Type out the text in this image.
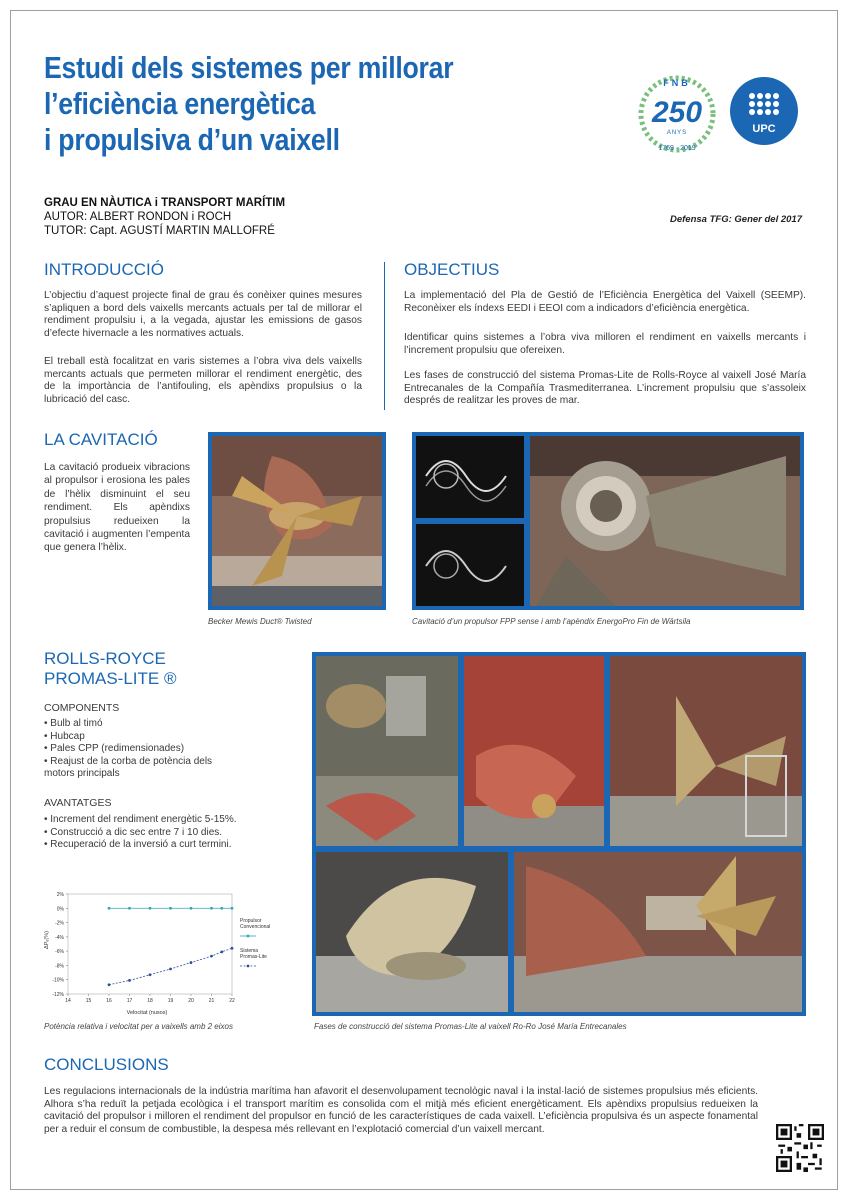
Estudi dels sistemes per millorar
l’eficiència energètica
i propulsiva d’un vaixell
GRAU EN NÀUTICA i TRANSPORT MARÍTIM
AUTOR: ALBERT RONDON i ROCH
TUTOR: Capt. AGUSTÍ MARTIN MALLOFRÉ
Defensa TFG: Gener del 2017
FNB
250
ANYS
1769 · 2019
UPC
INTRODUCCIÓ

L’objectiu d’aquest projecte final de grau és conèixer quines mesures s’apliquen a bord dels vaixells mercants actuals per tal de millorar el rendiment propulsiu i, a la vegada, ajustar les emissions de gasos d’efecte hivernacle a les normatives actuals.

El treball està focalitzat en varis sistemes a l’obra viva dels vaixells mercants actuals que permeten millorar el rendiment energètic, des de la importància de l’antifouling, els apèndixs propulsius o la lubricació del casc.

OBJECTIUS

La implementació del Pla de Gestió de l’Eficiència Energètica del Vaixell (SEEMP). Reconèixer els índexs EEDI i EEOI com a indicadors d’eficiència energètica.

Identificar quins sistemes a l’obra viva milloren el rendiment en vaixells mercants i l’increment propulsiu que ofereixen.

Les fases de construcció del sistema Promas-Lite de Rolls-Royce al vaixell José María Entrecanales de la Compañía Trasmediterranea. L’increment propulsiu que s’assoleix després de realitzar les proves de mar.

LA CAVITACIÓ

La cavitació produeix vibracions al propulsor i erosiona les pales de l’hèlix disminuint el seu rendiment. Els apèndixs propulsius redueixen la cavitació i augmenten l’empenta que genera l’hèlix.

Becker Mewis Duct® Twisted	Cavitació d’un propulsor FPP sense i amb l’apèndix EnergoPro Fin de Wärtsila
ROLLS-ROYCE
PROMAS-LITE ®

COMPONENTS

• Bulb al timó
• Hubcap
• Pales CPP (redimensionades)
• Reajust de la corba de potència dels motors principals

AVANTATGES

• Increment del rendiment energètic 5-15%.
• Construcció a dic sec entre 7 i 10 dies.
• Recuperació de la inversió a curt termini.
2%
0%
-2%
-4%
-6%
-8%
-10%
-12%
14	15	16	17	18	19	20	21	22
Propulsor
Convencional
Sistema
Promas-Lite
Velocitat (nusos)
ΔPₑ(%)
Potència relativa i velocitat per a vaixells amb 2 eixos	Fases de construcció del sistema Promas-Lite al vaixell Ro-Ro José María Entrecanales
CONCLUSIONS

Les regulacions internacionals de la indústria marítima han afavorit el desenvolupament tecnològic naval i la instal·lació de sistemes propulsius més eficients. Alhora s’ha reduït la petjada ecològica i el transport marítim es consolida com el mitjà més eficient energèticament. Els apèndixs propulsius redueixen la cavitació del propulsor i milloren el rendiment del propulsor en funció de les característiques de cada vaixell. L’eficiència propulsiva és un aspecte fonamental per a reduir el consum de combustible, la despesa més rellevant en l’explotació comercial d’un vaixell mercant.
